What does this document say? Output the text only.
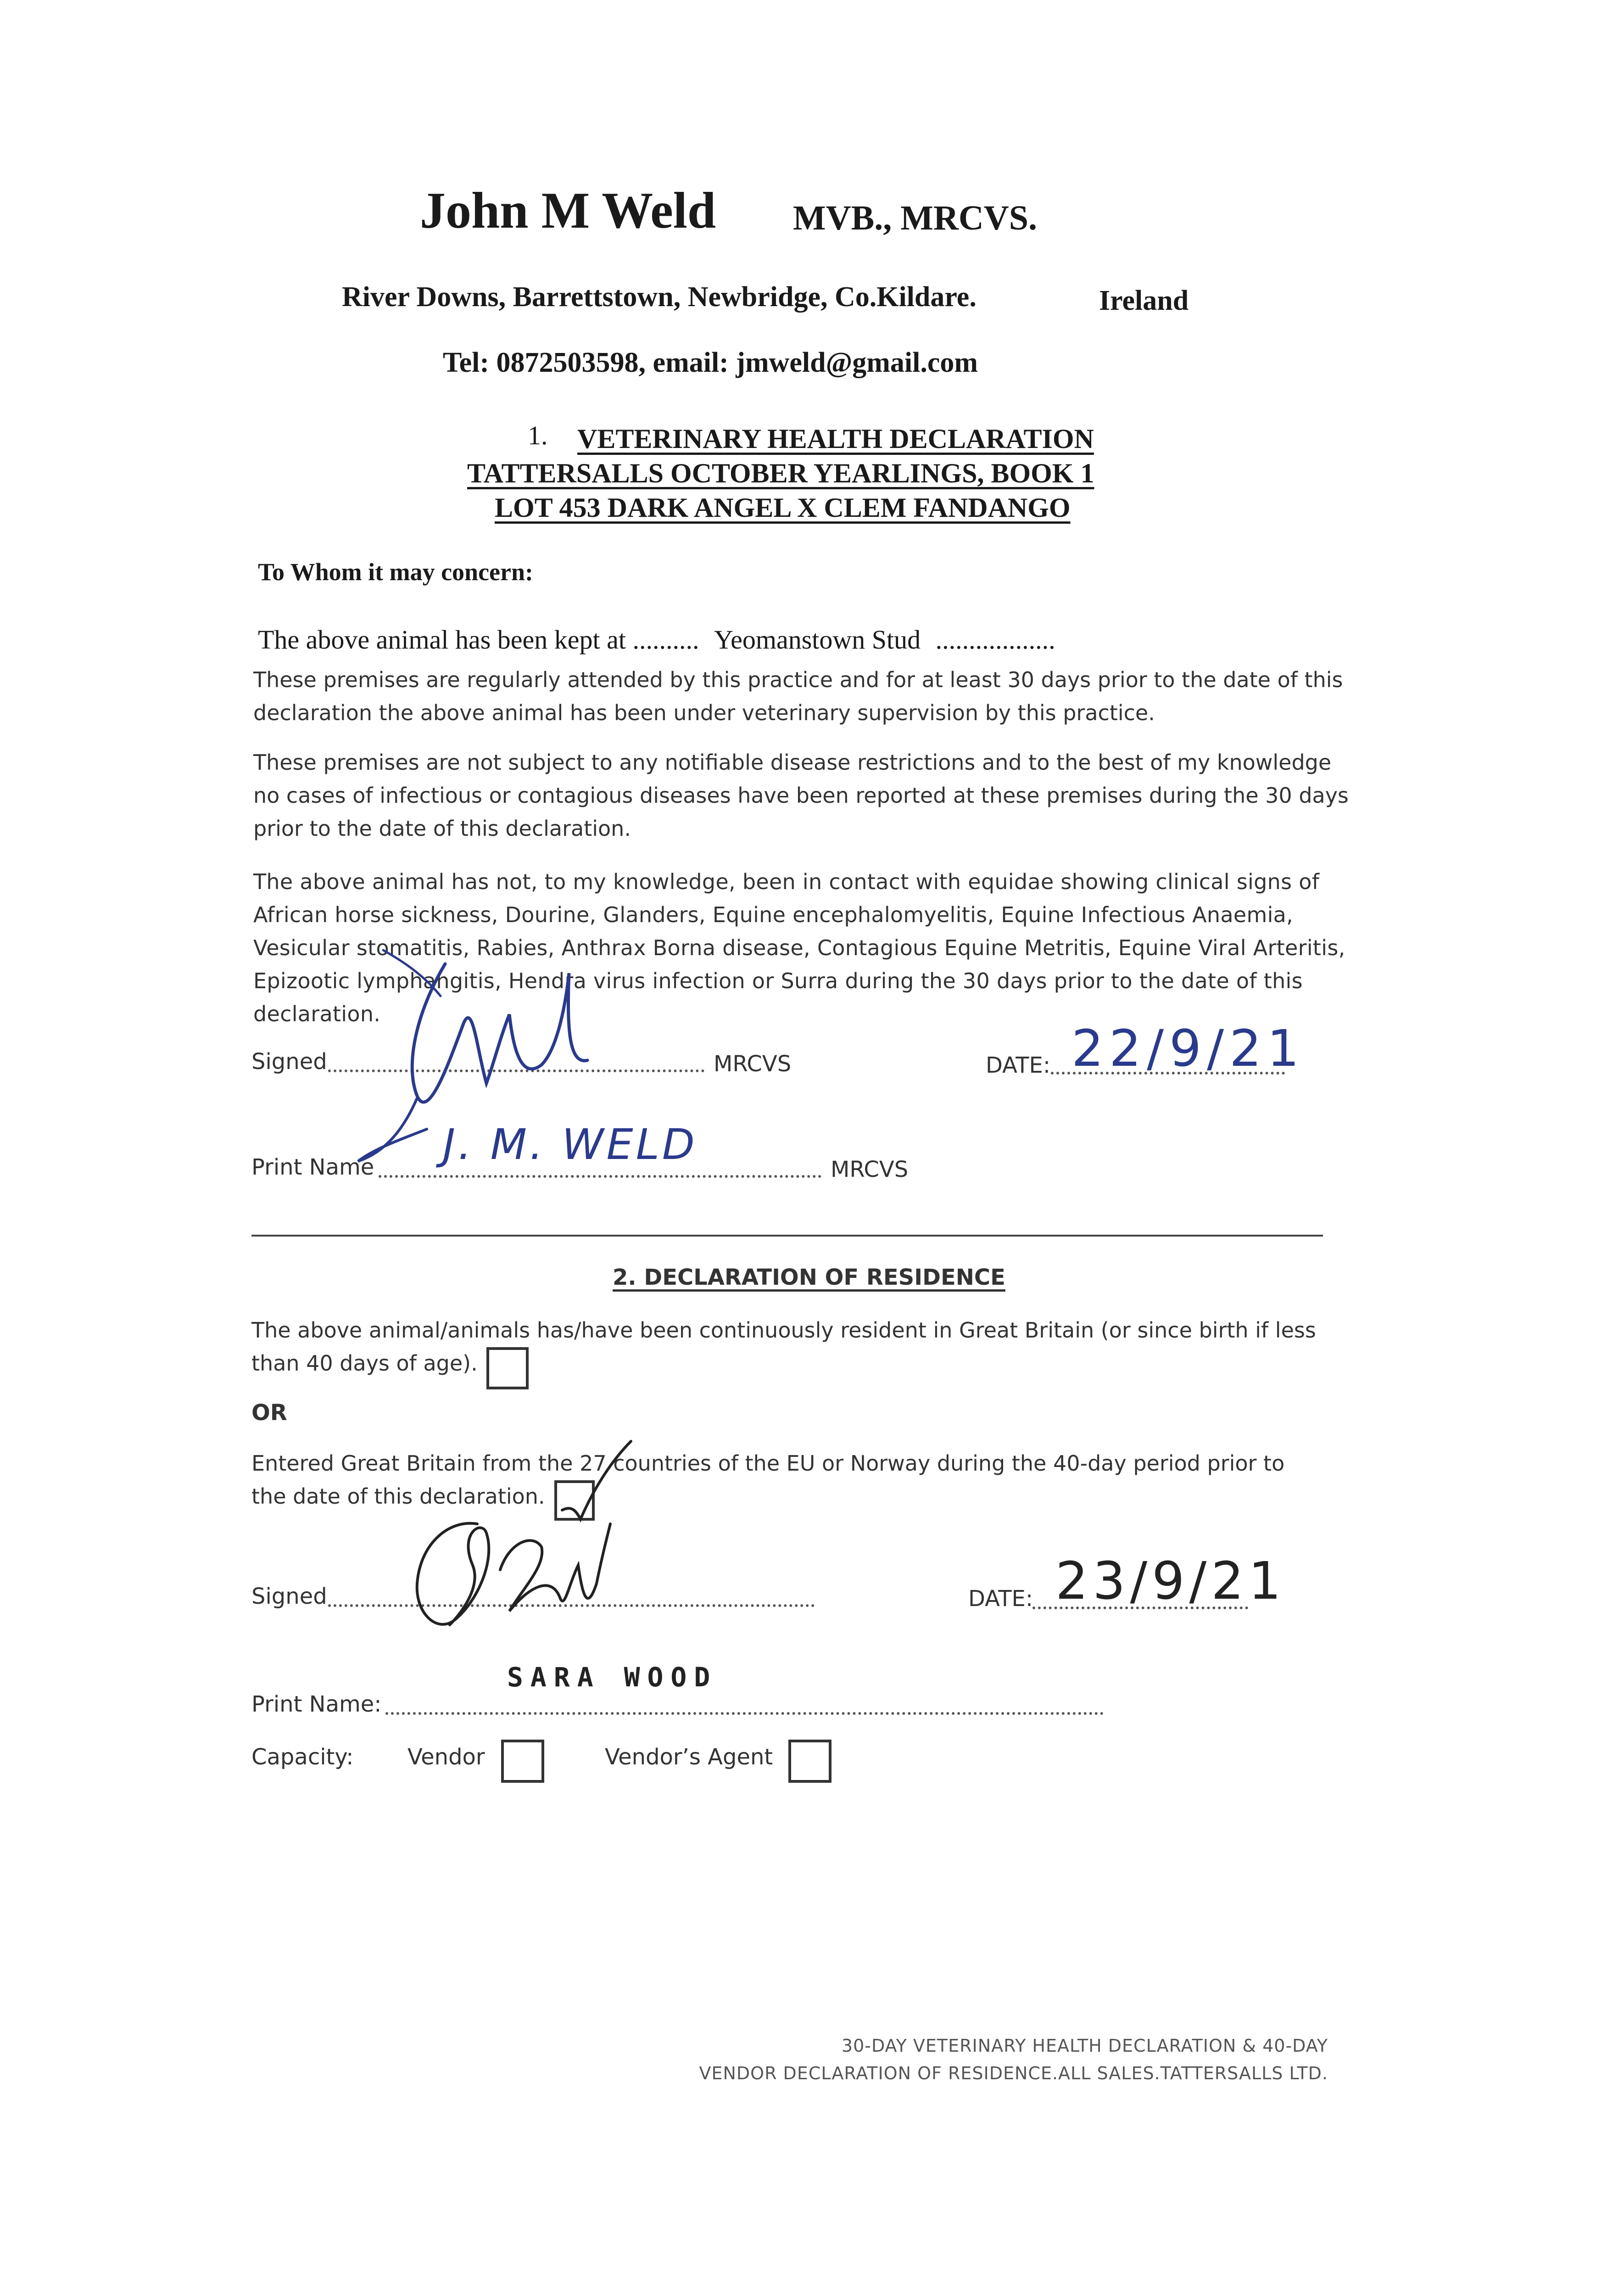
John M Weld MVB., MRCVS.
River Downs, Barrettstown, Newbridge, Co.Kildare.	Ireland
Tel: 0872503598, email: jmweld@gmail.com
1. VETERINARY HEALTH DECLARATION
TATTERSALLS OCTOBER YEARLINGS, BOOK 1
LOT 453 DARK ANGEL X CLEM FANDANGO
To Whom it may concern:
The above animal has been kept at .......... Yeomanstown Stud ..................
These premises are regularly attended by this practice and for at least 30 days prior to the date of this
declaration the above animal has been under veterinary supervision by this practice.
These premises are not subject to any notifiable disease restrictions and to the best of my knowledge
no cases of infectious or contagious diseases have been reported at these premises during the 30 days
prior to the date of this declaration.
The above animal has not, to my knowledge, been in contact with equidae showing clinical signs of
African horse sickness, Dourine, Glanders, Equine encephalomyelitis, Equine Infectious Anaemia,
Vesicular stomatitis, Rabies, Anthrax Borna disease, Contagious Equine Metritis, Equine Viral Arteritis,
Epizootic lymphangitis, Hendra virus infection or Surra during the 30 days prior to the date of this
declaration.
Signed	MRCVS	DATE: 22/9/21
Print Name	MRCVS
J. M. WELD
2. DECLARATION OF RESIDENCE
The above animal/animals has/have been continuously resident in Great Britain (or since birth if less
than 40 days of age).
OR
Entered Great Britain from the 27 countries of the EU or Norway during the 40-day period prior to
the date of this declaration.
Signed	DATE: 23/9/21
Print Name:
SARA WOOD
Capacity: Vendor	Vendor’s Agent
30-DAY VETERINARY HEALTH DECLARATION & 40-DAY
VENDOR DECLARATION OF RESIDENCE.ALL SALES.TATTERSALLS LTD.
